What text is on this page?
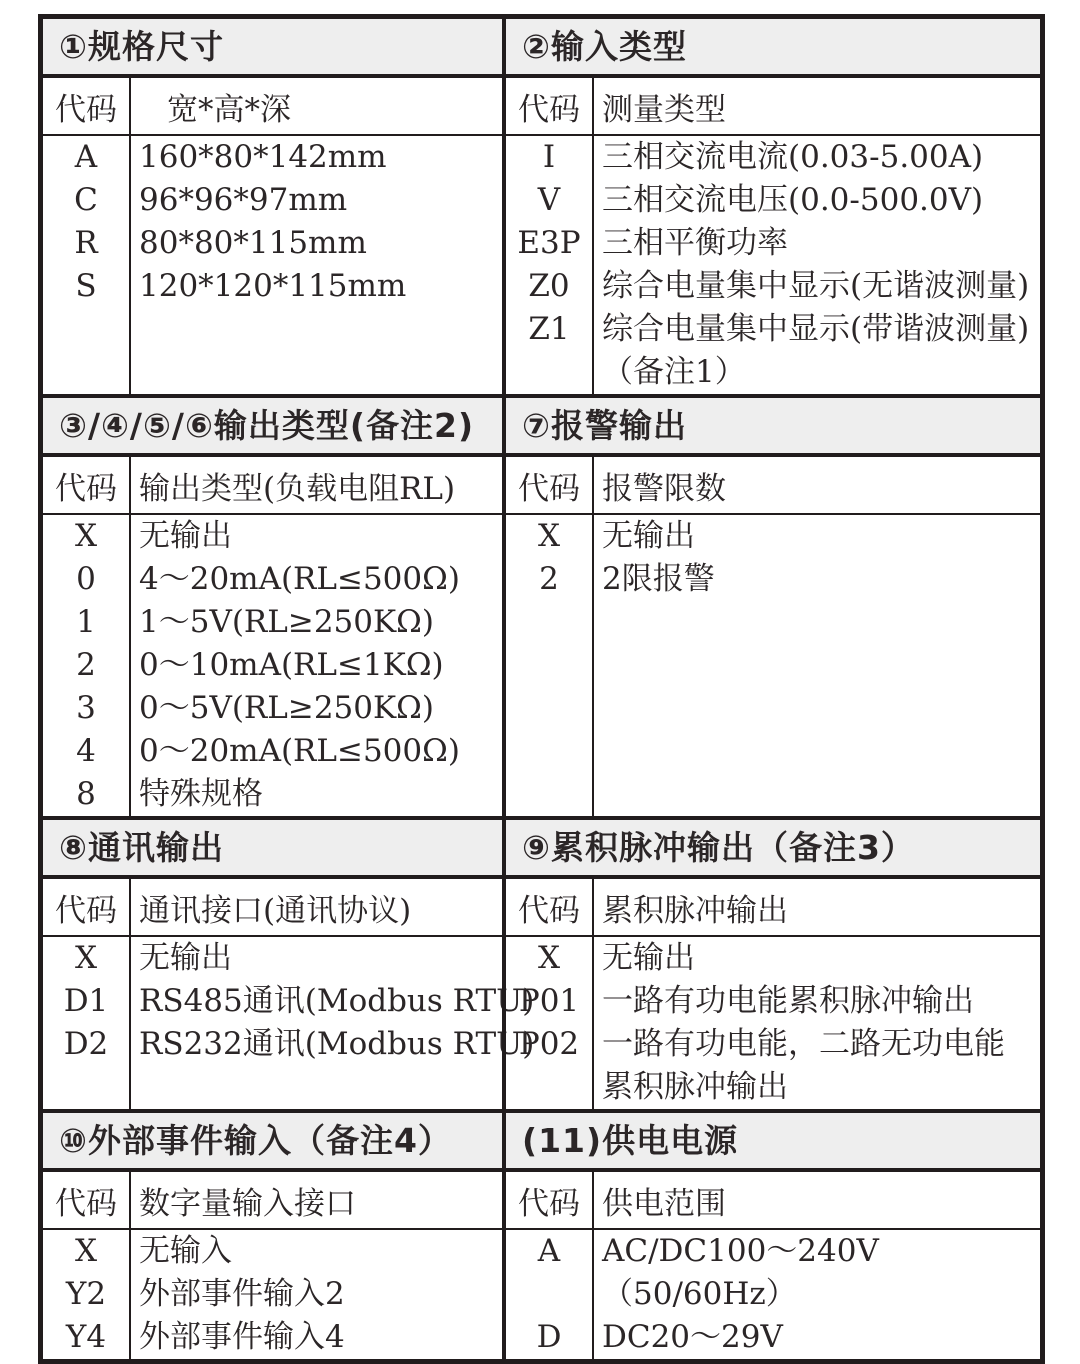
①规格尺寸
代码	宽*高*深
A
C
R
S
160*80*142mm
96*96*97mm
80*80*115mm
120*120*115mm
②输入类型
代码 测量类型
I
V
E3P
Z0
Z1
三相交流电流(0.03-5.00A)
三相交流电压(0.0-500.0V)
三相平衡功率
综合电量集中显示(无谐波测量)
综合电量集中显示(带谐波测量)
（备注1）
③/④/⑤/⑥输出类型(备注2)
代码 输出类型(负载电阻RL)
X
0
1
2
3
4
8
无输出
4～20mA(RL≤500Ω)
1～5V(RL≥250KΩ)
0～10mA(RL≤1KΩ)
0～5V(RL≥250KΩ)
0～20mA(RL≤500Ω)
特殊规格
⑦报警输出
代码 报警限数
X
2
无输出
2限报警
⑧通讯输出
代码 通讯接口(通讯协议)
X
D1
D2
无输出
RS485通讯(Modbus RTU)
RS232通讯(Modbus RTU)
⑨累积脉冲输出（备注3）
代码 累积脉冲输出
X
P01
P02
无输出
一路有功电能累积脉冲输出
一路有功电能，二路无功电能
累积脉冲输出
⑩外部事件输入（备注4）
代码 数字量输入接口
X
Y2
Y4
无输入
外部事件输入2
外部事件输入4
(11)供电电源
代码 供电范围
A
D
AC/DC100～240V
（50/60Hz）
DC20～29V
